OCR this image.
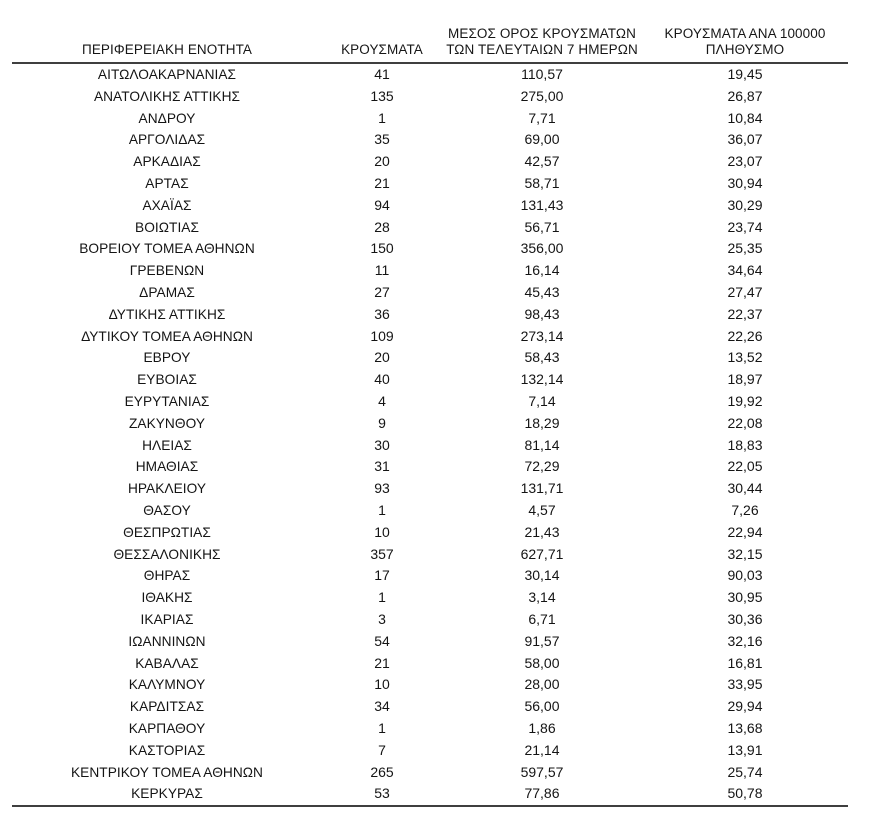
ΠΕΡΙΦΕΡΕΙΑΚΗ ΕΝΟΤΗΤΑ	ΚΡΟΥΣΜΑΤΑ	ΜΕΣΟΣ ΟΡΟΣ ΚΡΟΥΣΜΑΤΩΝ
ΤΩΝ ΤΕΛΕΥΤΑΙΩΝ 7 ΗΜΕΡΩΝ	ΚΡΟΥΣΜΑΤΑ ΑΝΑ 100000
ΠΛΗΘΥΣΜΟ

ΑΙΤΩΛΟΑΚΑΡΝΑΝΙΑΣ	41	110,57	19,45
ΑΝΑΤΟΛΙΚΗΣ ΑΤΤΙΚΗΣ	135	275,00	26,87
ΑΝΔΡΟΥ	1	7,71	10,84
ΑΡΓΟΛΙΔΑΣ	35	69,00	36,07
ΑΡΚΑΔΙΑΣ	20	42,57	23,07
ΑΡΤΑΣ	21	58,71	30,94
ΑΧΑΪΑΣ	94	131,43	30,29
ΒΟΙΩΤΙΑΣ	28	56,71	23,74
ΒΟΡΕΙΟΥ ΤΟΜΕΑ ΑΘΗΝΩΝ	150	356,00	25,35
ΓΡΕΒΕΝΩΝ	11	16,14	34,64
ΔΡΑΜΑΣ	27	45,43	27,47
ΔΥΤΙΚΗΣ ΑΤΤΙΚΗΣ	36	98,43	22,37
ΔΥΤΙΚΟΥ ΤΟΜΕΑ ΑΘΗΝΩΝ	109	273,14	22,26
ΕΒΡΟΥ	20	58,43	13,52
ΕΥΒΟΙΑΣ	40	132,14	18,97
ΕΥΡΥΤΑΝΙΑΣ	4	7,14	19,92
ΖΑΚΥΝΘΟΥ	9	18,29	22,08
ΗΛΕΙΑΣ	30	81,14	18,83
ΗΜΑΘΙΑΣ	31	72,29	22,05
ΗΡΑΚΛΕΙΟΥ	93	131,71	30,44
ΘΑΣΟΥ	1	4,57	7,26
ΘΕΣΠΡΩΤΙΑΣ	10	21,43	22,94
ΘΕΣΣΑΛΟΝΙΚΗΣ	357	627,71	32,15
ΘΗΡΑΣ	17	30,14	90,03
ΙΘΑΚΗΣ	1	3,14	30,95
ΙΚΑΡΙΑΣ	3	6,71	30,36
ΙΩΑΝΝΙΝΩΝ	54	91,57	32,16
ΚΑΒΑΛΑΣ	21	58,00	16,81
ΚΑΛΥΜΝΟΥ	10	28,00	33,95
ΚΑΡΔΙΤΣΑΣ	34	56,00	29,94
ΚΑΡΠΑΘΟΥ	1	1,86	13,68
ΚΑΣΤΟΡΙΑΣ	7	21,14	13,91
ΚΕΝΤΡΙΚΟΥ ΤΟΜΕΑ ΑΘΗΝΩΝ	265	597,57	25,74
ΚΕΡΚΥΡΑΣ	53	77,86	50,78
